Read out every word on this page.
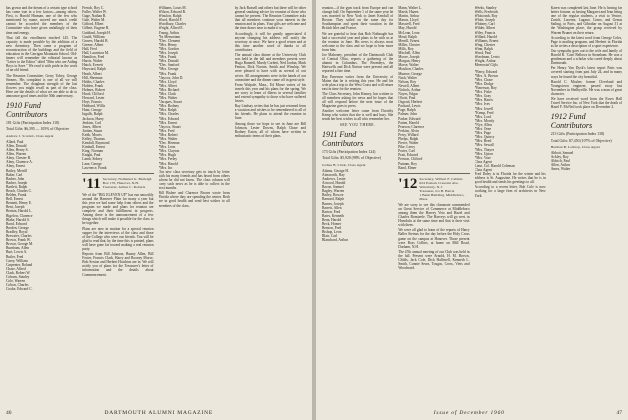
has grown and the dream of a certain type school has come true in a few factors—among others. First, is Harold Hinman, one of the few who mentioned by name, moved me much credit cannot be accorded the members of the Committee who have given unfailingly of their time and energy.

That fall the enrollment reached 145. The capacity is made possible by the addition of a new dormitory. Then came a program of reconstruction of the buildings and the field of education in the Carrigan Mountain School. Old-timers will remember the editorial known as "Letter to the Editor" titled "Men who are Aiding Boys to Save." We read it with pride in the work of an old friend.

The Reunion Committee, Gerry Tobey, George Stearns. His complaint is one of all we will remember. The doughnut strength of the last flowers you might recall as part of the class. Here are the details of what we are able to do to announce good times and the 50th anniversary.

1910 Fund Contributors
181 Gifts (Participation Index 118)
Total Gifts: $6,395 — 105% of Objective
Andrew J. Scarlett, Class Agent
Allard, Paul
Allen, Donald
Allen, Henry S.
Allen, Warren
Almy, Chester B.
Almy, Clarence A.
Almy, Ernest
Bailey, Merrill
Baker, Carl
Barber, John
Barker, Joseph
Bartlett, Ralph
Beach, Charles C.
Belden, Frank
Bell, Ernest
Bennett, Henry E.
Bent, Joseph
Benton, Harold L.
Bigelow, Clarence
Blake, Harold S.
Bond, Edward
Borden, George
Bradley, Royal
Brewster, Charles
Brown, Frank W.
Brown, George M.
Burnham, Allen
Burt, Lewis A.
Butler, Fred
Carey, William
Carpenter, Roland
Chase, Alfred
Clark, Robert W.
Coburn, Stanley
Cole, Warren
Colton, Charles
Cooke, Edward C.
French, Roy C.
Fuller, Walter W.
Gage, Nathan B.
Gale, Walter M.
Gifford, Elbert
Gilbert, Eugene R.
Goddard, Joseph H.
Gould, William
Graves, Harold B.
Greene, Albert
Hall, Fred
Hall, Lauriston M.
Hamilton, Fred
Harris, Walter
Hatch, Everett
Hayward, Ralph
Heath, Albert
Hill, Sherman
Hobbs, Charles
Holden, Frank
Holmes, Robert
Hood, Clifford
Howard, Lester
Hoyt, Francis
Hubbard, Willis
Hunt, George
Ingalls, Ralph
Jackson, Harry
Jenkins, Carl
Jones, Albert
Jordan, Stuart
Keith, Morris
Kelley, Thomas
Kendall, Raymond
Kimball, Ernest
King, Norman
Knight, Paul
Lamb, Sidney
Lane, George
Lawrence, Frank
'11 Secretary, Nathaniel G. Burleigh
Box 170, Hanover, N.H.
Treasurer, Arthur C. Roberts

We of the "BIG ELEVEN UP" has run smoothly around the Hanover Plain for many a year but this year we had some help from others and the program we made and plans for reunion are complete and their fulfillment in progress. Among these is the announcement of a few things which will make it possible for the class to be together.

Plans are now in motion for a special reunion supper for the interviews of the class and those of the College who were our friends. You will be glad to read that, by the time this is printed, plans will have gone far toward making a real reunion party.

Reports from Bill Johnson, Bunny Allen, Bill Foster, Francis Clark, Harry and Rooney Morse, Bob Sexton and Herbert Hutchins are in. We will notify you of plans for the Treasurer's letter of information and the details about Commencement.

Williams, Louis M.
Wilson, Edward R.
Winslow, Ralph
Wood, Harold F.
Woodbury, Charles
Wright, Alfred E.
Young, Arthur
*In Memoriam
*Dec. Clement
*Mrs. Henry
*Mrs. Gordon
*Mrs. Joseph
*Mrs. Frank
*Mrs. Donald
*Dec. Sanford
*Mrs. George
*Mrs. Frank
*Jaycox, John D.
*Mrs. Lloyd
*Mrs. Albert
*Mrs. Richard
*Mrs. Clark
*Mrs. Walter
*Jacques, Stuart
*Mrs. Rodney
*Mrs. Ralph
*Mrs. Charles
*Mrs. Edward
*Mrs. Ernest
*Jaycox, Stuart
*Mrs. Fred
*Mrs. Robert
*Mrs. Walter
*Dec. Herman
*Mrs. Leon
*Mrs. Clayton
*Mrs. Hugh
*Mrs. Perley
*Mrs. Harold
*Mrs. Ira

Our new class secretary gets in touch by letter with his many friends and has heard from others whom he did not know. The class column will carry such news as he is able to collect in the next months.

Bill Bisbee and Clarence Brown wrote from Florida where they are spending the winter. Both are in good health and send best wishes to all members of the class.

by Jack Russell and others but there will be other general smoking advice for reunion of those who cannot be present. The Reunion Committee asks that all members continue your interest in the reunion and its plans. Your gifts are welcome and the time draws near to make it so.

Accordingly, it will be greatly appreciated if anyone changing his address will notify the secretary at once. We have a good return and at this time another word of thanks to all contributors.

The annual class dinner at the University Club was held in the fall and members present were Hugo Bunnell, Mardy Corbett, Ned Jordan, Mark Fenton, Dick Norton, Smith and Winship. We were pleased to have with us several of our wives. All arrangements were in the hands of our committee and the dinner came off in great style.

From Walpole, Mass., Ed Morse writes of his travels this year and his plans for the spring. We are sorry to learn of illness in several families and extend sympathy to those who have suffered losses.

Ray Lindsay writes that he has just returned from a vacation and wishes to be remembered to all of his friends. He plans to attend the reunion in June.

Among those we hope to see in June are Bill Johnson, Lester Downs, Ralph Chase and Rodney Eaton, all of whom have written in enthusiastic terms of their plans.

46	DARTMOUTH ALUMNI MAGAZINE

reunion—if the gym track from Europe and can change hall. On September 1 of the same year he was married in New York to Janet Kendall of Boston. They sailed on the same day for Southampton and spent their vacation in the British Isles and France.

We are grateful to hear that Bob Nothnagle has had a successful year and plans to be with us at the reunion in June. His news is always most welcome to the class and we hope to hear more from him.

Joe Mahoney, president of the Dartmouth Club of Central Ohio, reports a gathering of the alumni in Columbus. The Bromleys, the Hartwells and Dick Norton were present and all reported a fine time.

Ray Emerson writes from the University of Maine that he is retiring this year. He and his wife plan a trip to the West Coast and will return east in time for the reunion.

The Class Secretary, John Kinney, has written to all members asking for news and he hopes that all will respond before the next issue of the Magazine goes to press.

Another welcome letter came from Dorothy Kemp who writes that she is well and busy. She sends her best wishes to all who remember her.

SEE YOU THERE.
1911 Fund Contributors
173 Gifts (Participation Index 124)
Total Gifts: $5,920 (98% of Objective)
Joshua B. Clark, Class Agent
Adams, George H.
Ainsworth, Ray
Andrews, Lester
Atwood, Harold
Bacon, Samuel
Bagley, Warren
Bailey, Roscoe
Barnard, Ralph
Barnes, Joseph
Barrett, Allen
Barton, Fred
Bates, Kenneth
Bean, Harold
Beck, Homer
Benson, Fred
Bishop, Leon
Blair, Carl
Blanchard, Arthur
Mann, Walter L.
Marsh, Hazen
Martin, Arthur
Mason, Lloyd
Maxwell, Fred
May, Harold
McLean, Leon
Mead, Ralph
Merrill, Ernest
Miller, Chester
Mills, Roy
Mitchell, Allen
Moore, Joseph
Morgan, Henry
Morse, Walter
Moulton, Charles
Munroe, George
Nash, Walter
Nelson, Roy
Newell, Albert
Nichols, Arthur
Noyes, Edgar
Olcott, Paul
Osgood, Herbert
Packard, Lewis
Page, Ralph
Palmer, John
Parker, Edward
Patten, Harold
Pearson, Clarence
Perkins, Alvin
Perry, Willard
Phelps, Ralph
Pierce, Walter
Pike, Leroy
Porter, Carl
Pratt, Edward
Preston, Clifford
Putnam, Roy
Rand, Elmer
'12 Secretary, Wilbert F. Cabinis
624 Eastern Crescent Ave.
Waterbury, N.J.
Treasurer, Ira B. Harris
1 Bank Building, Middleboro, Mass.

We are sorry to see this classmate commended on Great Service of Commerce at Middleboro among them the Harvey Veto and Hazel and Charles Bonsteele. The Harveys will go west in Honolulu at the same time and that is their visit with them.

We were all glad to learn of the reports of Harry Baller Steinus for the day before the Holy Cross game on the campus at Hanover. Those present were Ross Collins, at home on Mill Road, Durham, N.H.

The 47th annual meeting of our Club was held in the fall. Present were Arnold, H. M. Brown, Childs, Jack Cole, Dick Halliwell, Kenneth L. Smith, Connie Sears, Tougas, Cross, Viets and Woodward.

Weeks, Stanley
Wells, Frederick
Whitcomb, Roy
White, Joseph
Whitney, Carl
Wilder, Albert
Wiley, Francis
Willard, Harold
Williams, Ernest
Wing, Chester
Winn, Ralph
Wood, Paul
Woodman, Lewis
Wright, Arthur
Memorial Gifts
*Berry, Edward
*Mrs. A. Brown
*Mrs. Chase
*Mrs. Dodge
*Emerson, Roy
*Mrs. Fiske
*Mrs. Gray
*Mrs. Harris
*Mrs. Ives
*Mrs. Jewell
*Kemp, Fred
*Mrs. Lord
*Mrs. Moody
*Nye, Allen
*Mrs. Orne
*Mrs. Page
*Mrs. Quincy
*Mrs. Reed
*Mrs. Sewall
*Mrs. Thayer
*Mrs. Upton
*Mrs. Vose
Class Agent
Lieut. Col. Harold Coleman
Class Agent

Fred Daley is in Florida for the winter and his address is St. Augustine. He writes that he is in good health and sends his greetings to all.

According to a recent letter, Bob Cole is now working for a large firm of architects in New York.

Karen was completed last June. He is having far better fortune, as having Margaret and Jean being one of the regular students, a visit to Venice, Zurich, Lucerne, Lugano, Como, and Genoa Sailing, to Paris, and Gibraltar on August 31 at the Washington place, the group received by Warren Brunet on their return.

According to the latest word from George Coles, Page is mailing program, and Herbert in Florida as he writes a description of a sport experience.

Our sympathy goes out to the wife and family of Harold R. 'Cam' Bellows in Stoneham. He was a gentleman and a scholar who cared deeply about Dartmouth.

Per Henry Van Dyck's latest report Paris was covered starting from past July 24, and in many ways he found the city beautiful.

Harold C. Mosher, former Cleveland and Youngstown engineer, passed away last November in Shelbyville. He was a man of great character.

We have received word from the Essex Hall Travel Service Inc. of New York that the death of Hazel F. McNeil took place on December 2.

1912 Fund Contributors
213 Gifts (Participation Index 138)
Total Gifts: $7,450 (107% of Objective)
Herman B. Lothrop, Class Agent
Abbott, Samuel
Ackley, Roy
Aldrich, Paul
Allen, Arthur
Ames, Walter
Issue of December 1960	47
